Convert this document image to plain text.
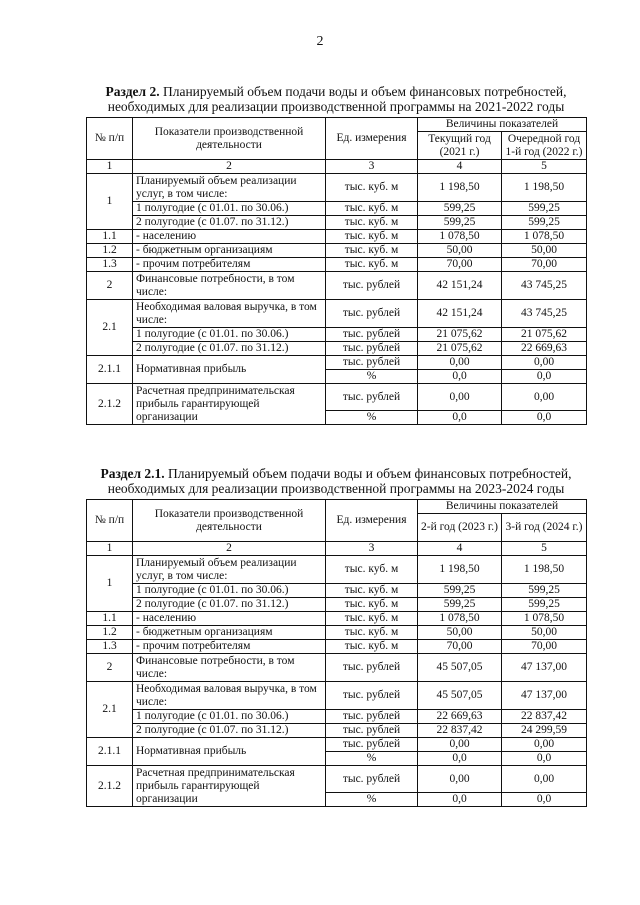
2

Раздел 2. Планируемый объем подачи воды и объем финансовых потребностей, необходимых для реализации производственной программы на 2021-2022 годы

№ п/п	Показатели производственной деятельности	Ед. измерения	Величины показателей	
			Текущий год (2021 г.)	Очередной год 1-й год (2022 г.)
1	2	3	4	5
1	Планируемый объем реализации услуг, в том числе:	тыс. куб. м	1 198,50	1 198,50
	1 полугодие (с 01.01. по 30.06.)	тыс. куб. м	599,25	599,25
	2 полугодие (с 01.07. по 31.12.)	тыс. куб. м	599,25	599,25
1.1	- населению	тыс. куб. м	1 078,50	1 078,50
1.2	- бюджетным организациям	тыс. куб. м	50,00	50,00
1.3	- прочим потребителям	тыс. куб. м	70,00	70,00
2	Финансовые потребности, в том числе:	тыс. рублей	42 151,24	43 745,25
2.1	Необходимая валовая выручка, в том числе:	тыс. рублей	42 151,24	43 745,25
	1 полугодие (с 01.01. по 30.06.)	тыс. рублей	21 075,62	21 075,62
	2 полугодие (с 01.07. по 31.12.)	тыс. рублей	21 075,62	22 669,63
2.1.1	Нормативная прибыль	тыс. рублей	0,00	0,00
		%	0,0	0,0
2.1.2	Расчетная предпринимательская прибыль гарантирующей организации	тыс. рублей	0,00	0,00
		%	0,0	0,0

Раздел 2.1. Планируемый объем подачи воды и объем финансовых потребностей, необходимых для реализации производственной программы на 2023-2024 годы

№ п/п	Показатели производственной деятельности	Ед. измерения	Величины показателей	
			2-й год (2023 г.)	3-й год (2024 г.)
1	2	3	4	5
1	Планируемый объем реализации услуг, в том числе:	тыс. куб. м	1 198,50	1 198,50
	1 полугодие (с 01.01. по 30.06.)	тыс. куб. м	599,25	599,25
	2 полугодие (с 01.07. по 31.12.)	тыс. куб. м	599,25	599,25
1.1	- населению	тыс. куб. м	1 078,50	1 078,50
1.2	- бюджетным организациям	тыс. куб. м	50,00	50,00
1.3	- прочим потребителям	тыс. куб. м	70,00	70,00
2	Финансовые потребности, в том числе:	тыс. рублей	45 507,05	47 137,00
2.1	Необходимая валовая выручка, в том числе:	тыс. рублей	45 507,05	47 137,00
	1 полугодие (с 01.01. по 30.06.)	тыс. рублей	22 669,63	22 837,42
	2 полугодие (с 01.07. по 31.12.)	тыс. рублей	22 837,42	24 299,59
2.1.1	Нормативная прибыль	тыс. рублей	0,00	0,00
		%	0,0	0,0
2.1.2	Расчетная предпринимательская прибыль гарантирующей организации	тыс. рублей	0,00	0,00
		%	0,0	0,0
